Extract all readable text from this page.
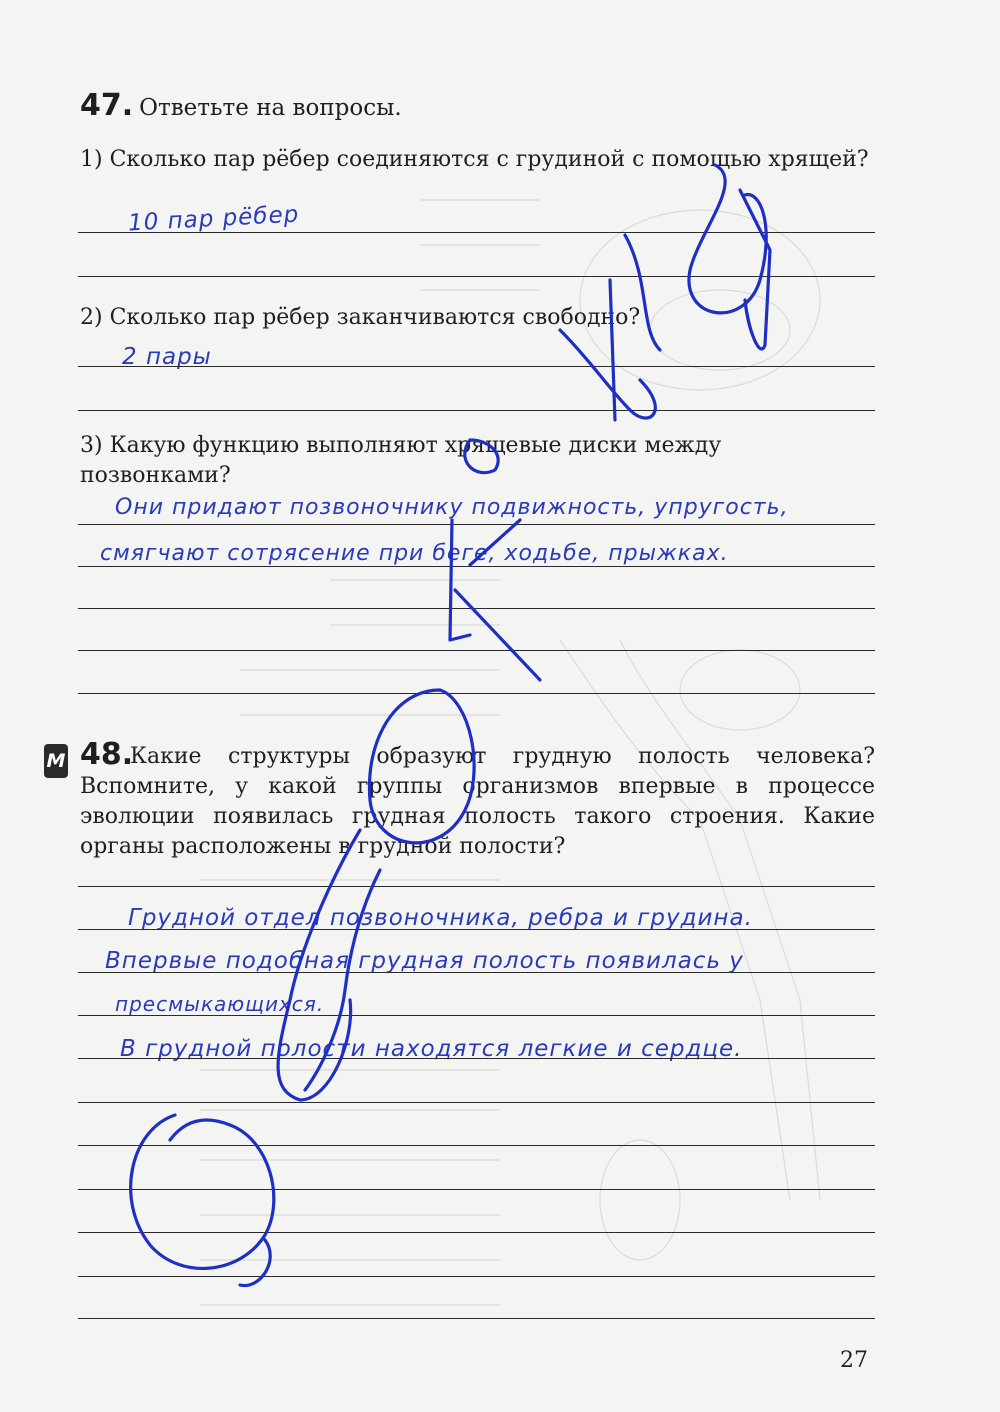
47. Ответьте на вопросы.
1) Сколько пар рёбер соединяются с грудиной с помощью хрящей?
10 пар рёбер
2) Сколько пар рёбер заканчиваются свободно?
2 пары
3) Какую функцию выполняют хрящевые диски между позвонками?
Они придают позвоночнику подвижность, упругость,
смягчают сотрясение при беге, ходьбе, прыжках.
М 48.
Какие структуры образуют грудную полость человека? Вспомните, у какой группы организмов впервые в процессе эволюции появилась грудная полость такого строения. Какие органы расположены в грудной полости?
Грудной отдел позвоночника, ребра и грудина.
Впервые подобная грудная полость появилась у
пресмыкающихся.
В грудной полости находятся легкие и сердце.
27
